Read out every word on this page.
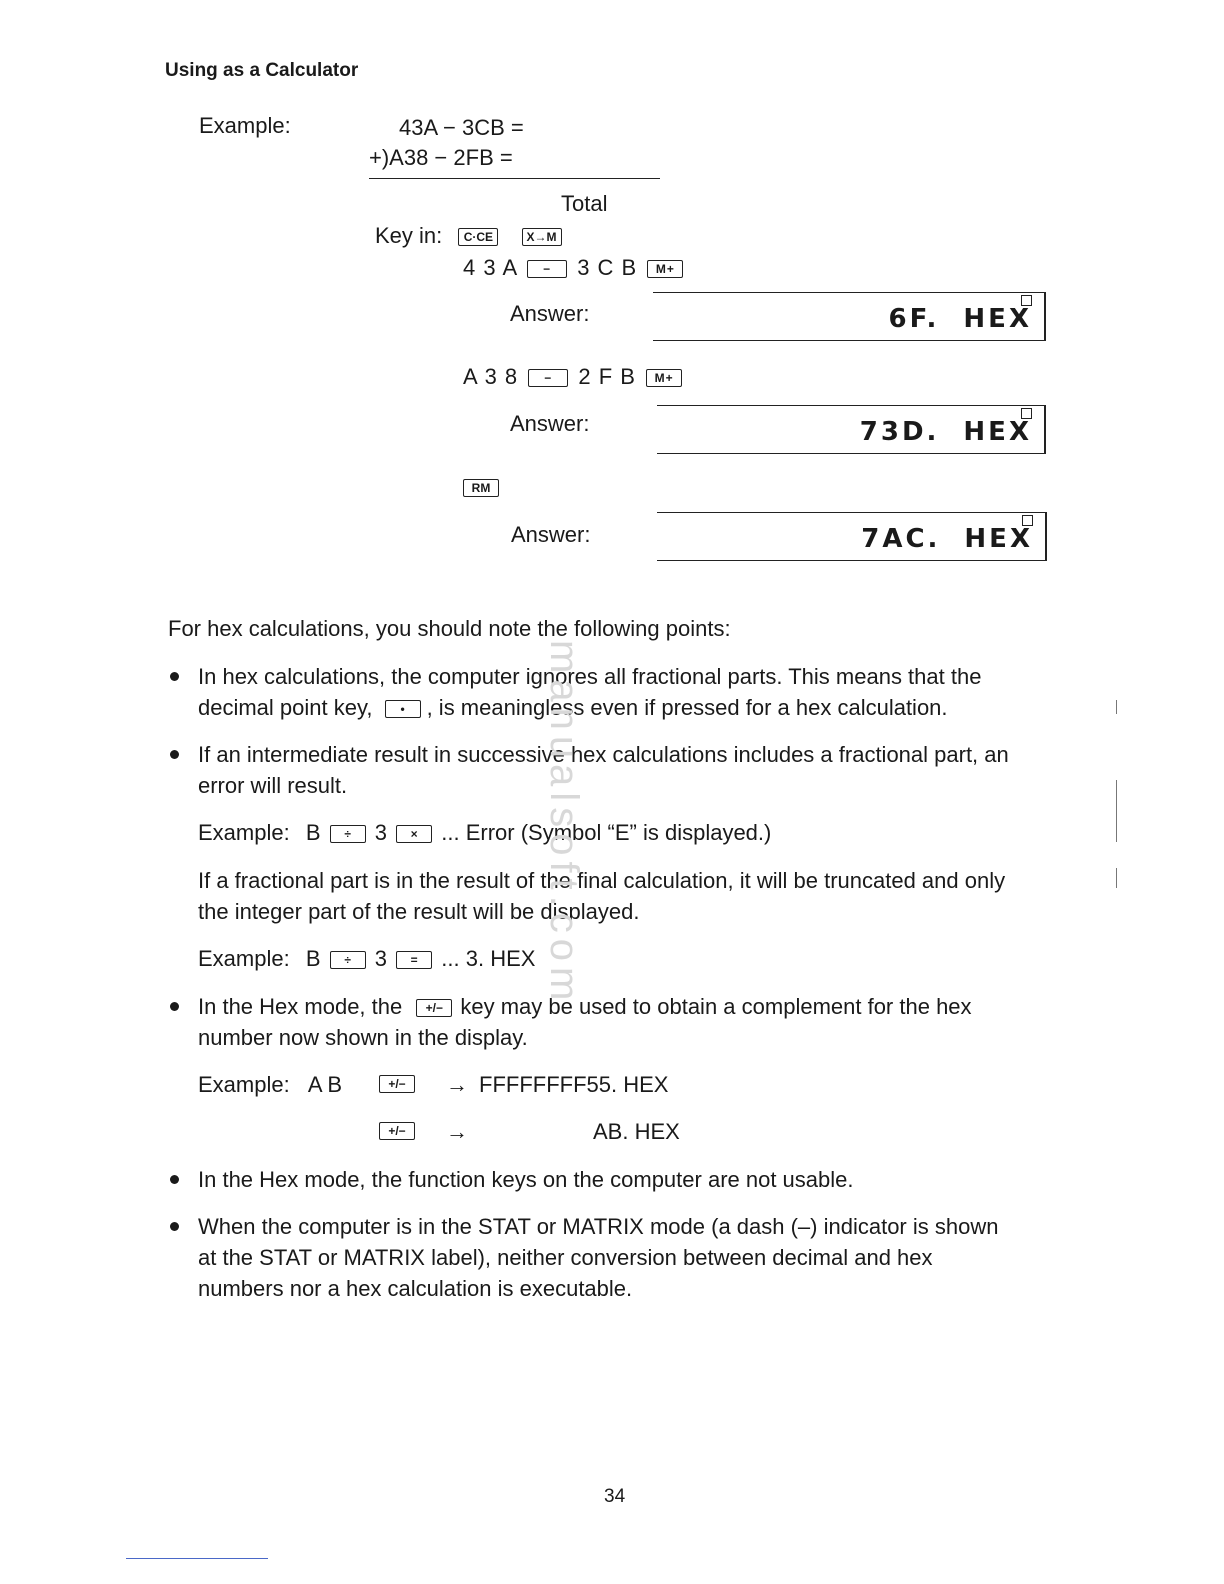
Using as a Calculator
Example:	43A − 3CB =
+)A38 − 2FB =
Total
Key in: C·CE	X→M
4 3 A − 3 C B M+
Answer:	6F. HEX
A 3 8 − 2 F B M+
Answer:	73D. HEX
RM
Answer:	7AC. HEX
For hex calculations, you should note the following points:
In hex calculations, the computer ignores all fractional parts. This means that the
decimal point key, • , is meaningless even if pressed for a hex calculation.
If an intermediate result in successive hex calculations includes a fractional part, an
error will result.
Example: B ÷ 3 × ... Error (Symbol “E” is displayed.)
If a fractional part is in the result of the final calculation, it will be truncated and only
the integer part of the result will be displayed.
Example: B ÷ 3 = ... 3. HEX
In the Hex mode, the +/− key may be used to obtain a complement for the hex
number now shown in the display.
Example: A B	+/−	→ FFFFFFFF55. HEX
+/−	→	AB. HEX
In the Hex mode, the function keys on the computer are not usable.
When the computer is in the STAT or MATRIX mode (a dash (–) indicator is shown
at the STAT or MATRIX label), neither conversion between decimal and hex
numbers nor a hex calculation is executable.
manualsoft.com
34
